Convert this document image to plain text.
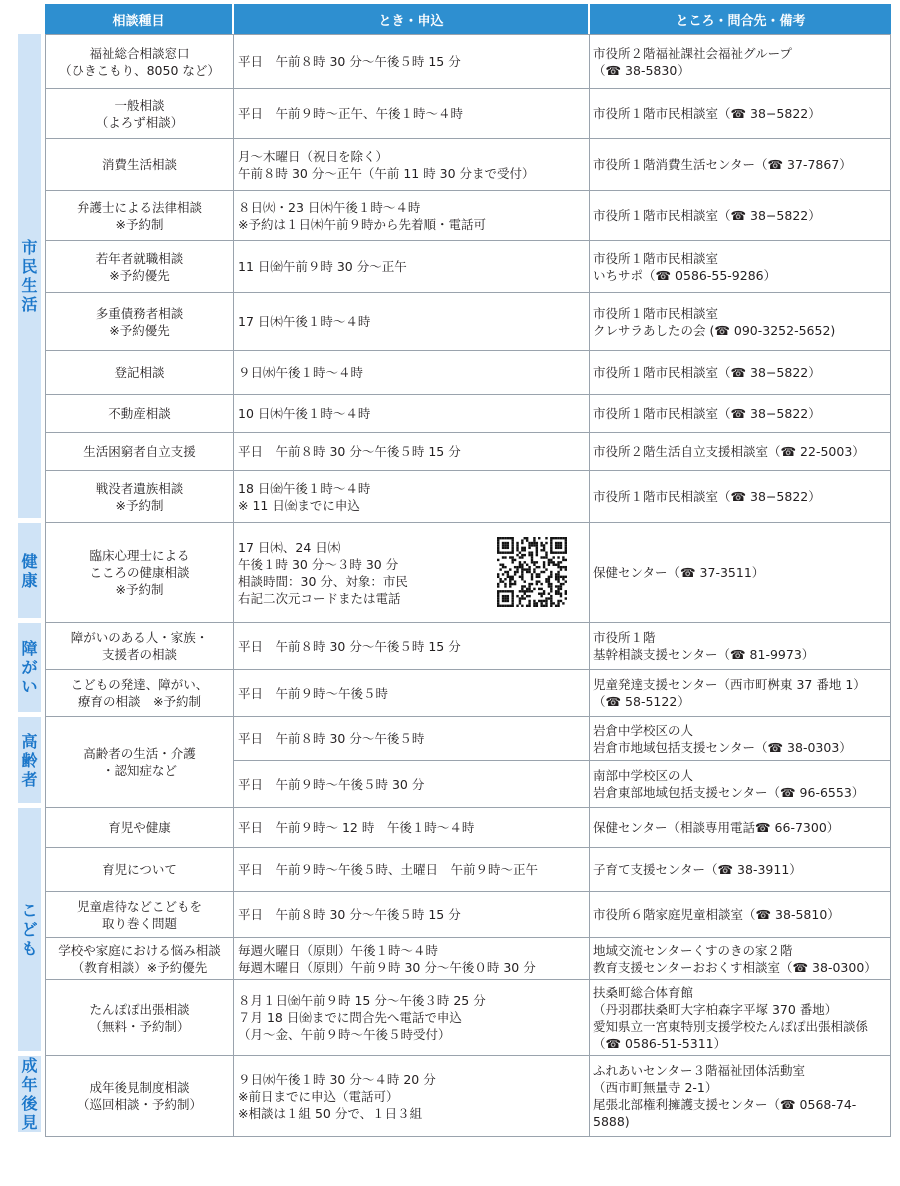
		相談種目	とき・申込	ところ・問合先・備考

市
民
生
活		福祉総合相談窓口
（ひきこもり、8050 など）	平日　午前８時 30 分～午後５時 15 分	市役所２階福祉課社会福祉グループ
（☎ 38-5830）

		一般相談
（よろず相談）	平日　午前９時～正午、午後１時～４時	市役所１階市民相談室（☎ 38−5822）

		消費生活相談	月～木曜日（祝日を除く）
午前８時 30 分～正午（午前 11 時 30 分まで受付）	市役所１階消費生活センター（☎ 37-7867）

		弁護士による法律相談
※予約制	８日㈫・23 日㈭午後１時～４時
※予約は１日㈭午前９時から先着順・電話可	市役所１階市民相談室（☎ 38−5822）

		若年者就職相談
※予約優先	11 日㈮午前９時 30 分～正午	市役所１階市民相談室
いちサポ（☎ 0586-55-9286）

		多重債務者相談
※予約優先	17 日㈭午後１時～４時	市役所１階市民相談室
クレサラあしたの会 (☎ 090-3252-5652)

		登記相談	９日㈬午後１時～４時	市役所１階市民相談室（☎ 38−5822）

		不動産相談	10 日㈭午後１時～４時	市役所１階市民相談室（☎ 38−5822）

		生活困窮者自立支援	平日　午前８時 30 分～午後５時 15 分	市役所２階生活自立支援相談室（☎ 22-5003）

		戦没者遺族相談
※予約制	18 日㈮午後１時～４時
※ 11 日㈮までに申込	市役所１階市民相談室（☎ 38−5822）

健
康		臨床心理士による
こころの健康相談
※予約制	17 日㈭、24 日㈭
午後１時 30 分～３時 30 分
相談時間：30 分、対象：市民
右記二次元コードまたは電話	保健センター（☎ 37-3511）

障
が
い		障がいのある人・家族・
支援者の相談	平日　午前８時 30 分～午後５時 15 分	市役所１階
基幹相談支援センター（☎ 81-9973）

		こどもの発達、障がい、
療育の相談　※予約制	平日　午前９時～午後５時	児童発達支援センター（西市町桝東 37 番地 1）
（☎ 58-5122）

高
齢
者		高齢者の生活・介護
・認知症など	平日　午前８時 30 分～午後５時	岩倉中学校区の人
岩倉市地域包括支援センター（☎ 38-0303）

			平日　午前９時～午後５時 30 分	南部中学校区の人
岩倉東部地域包括支援センター（☎ 96-6553）

こ
ど
も		育児や健康	平日　午前９時～ 12 時　午後１時～４時	保健センター（相談専用電話☎ 66-7300）

		育児について	平日　午前９時～午後５時、土曜日　午前９時～正午	子育て支援センター（☎ 38-3911）

		児童虐待などこどもを
取り巻く問題	平日　午前８時 30 分～午後５時 15 分	市役所６階家庭児童相談室（☎ 38-5810）

		学校や家庭における悩み相談
（教育相談）※予約優先	毎週火曜日（原則）午後１時～４時
毎週木曜日（原則）午前９時 30 分～午後０時 30 分	地域交流センターくすのきの家２階
教育支援センターおおくす相談室（☎ 38-0300）

		たんぽぽ出張相談
（無料・予約制）	８月１日㈮午前９時 15 分～午後３時 25 分
７月 18 日㈮までに問合先へ電話で申込
（月～金、午前９時～午後５時受付）	扶桑町総合体育館
（丹羽郡扶桑町大字柏森字平塚 370 番地）
愛知県立一宮東特別支援学校たんぽぽ出張相談係
（☎ 0586-51-5311）

成
年
後
見		成年後見制度相談
（巡回相談・予約制）	９日㈬午後１時 30 分～４時 20 分
※前日までに申込（電話可）
※相談は１組 50 分で、１日３組	ふれあいセンター３階福祉団体活動室
（西市町無量寺 2-1）
尾張北部権利擁護支援センター（☎ 0568-74-
5888)
